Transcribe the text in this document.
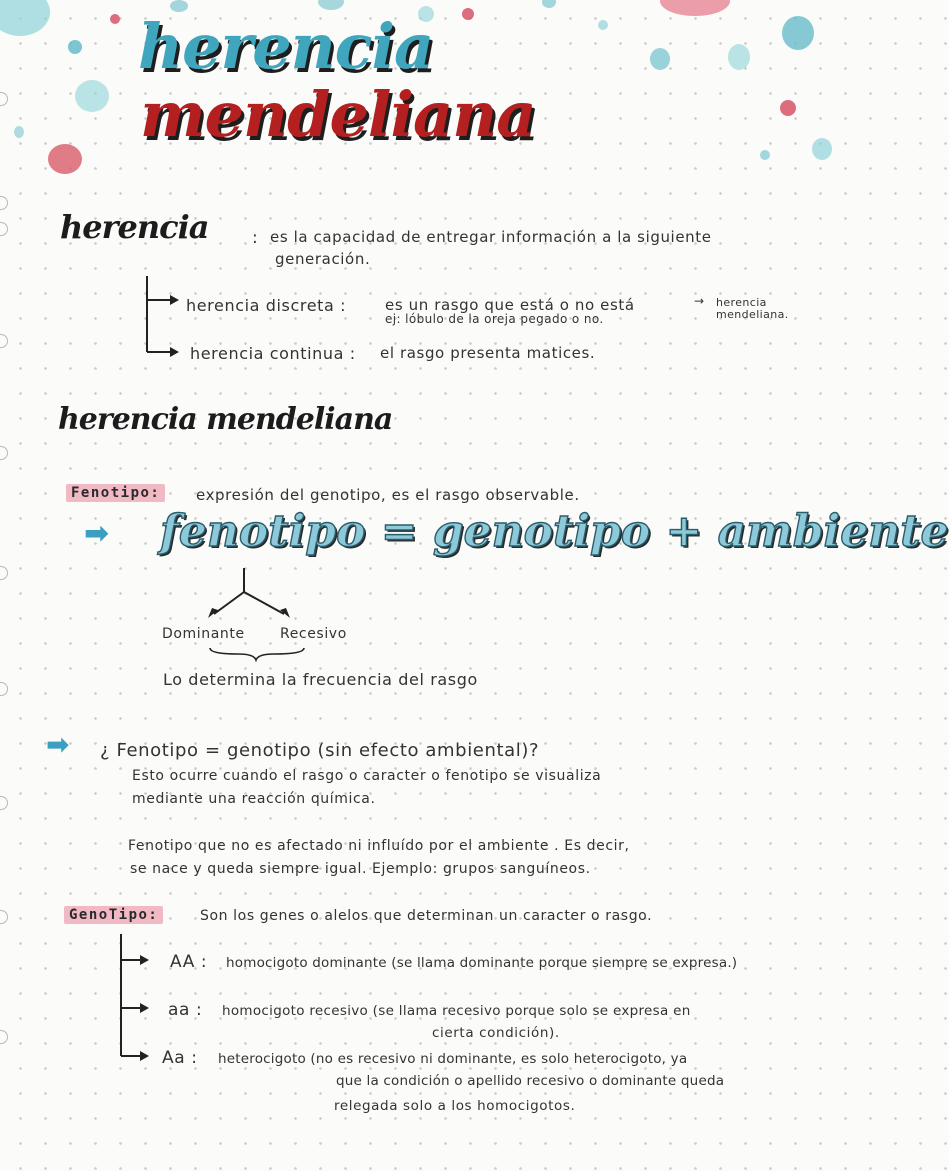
herencia
mendeliana
herencia	: es la capacidad de entregar información a la siguiente
generación.
herencia discreta :	es un rasgo que está o no está
ej: lóbulo de la oreja pegado o no.
→ herencia mendeliana.
herencia continua : el rasgo presenta matices.
herencia mendeliana
Fenotipo:	expresión del genotipo, es el rasgo observable.
➡ fenotipo = genotipo + ambiente
Dominante	Recesivo
Lo determina la frecuencia del rasgo
➡ ¿ Fenotipo = genotipo (sin efecto ambiental)?
Esto ocurre cuando el rasgo o caracter o fenotipo se visualiza
mediante una reacción química.
Fenotipo que no es afectado ni influído por el ambiente . Es decir,
se nace y queda siempre igual. Ejemplo: grupos sanguíneos.
GenoTipo:	Son los genes o alelos que determinan un caracter o rasgo.
AA : homocigoto dominante (se llama dominante porque siempre se expresa.)
aa : homocigoto recesivo (se llama recesivo porque solo se expresa en
cierta condición).
Aa : heterocigoto (no es recesivo ni dominante, es solo heterocigoto, ya
que la condición o apellido recesivo o dominante queda
relegada solo a los homocigotos.
